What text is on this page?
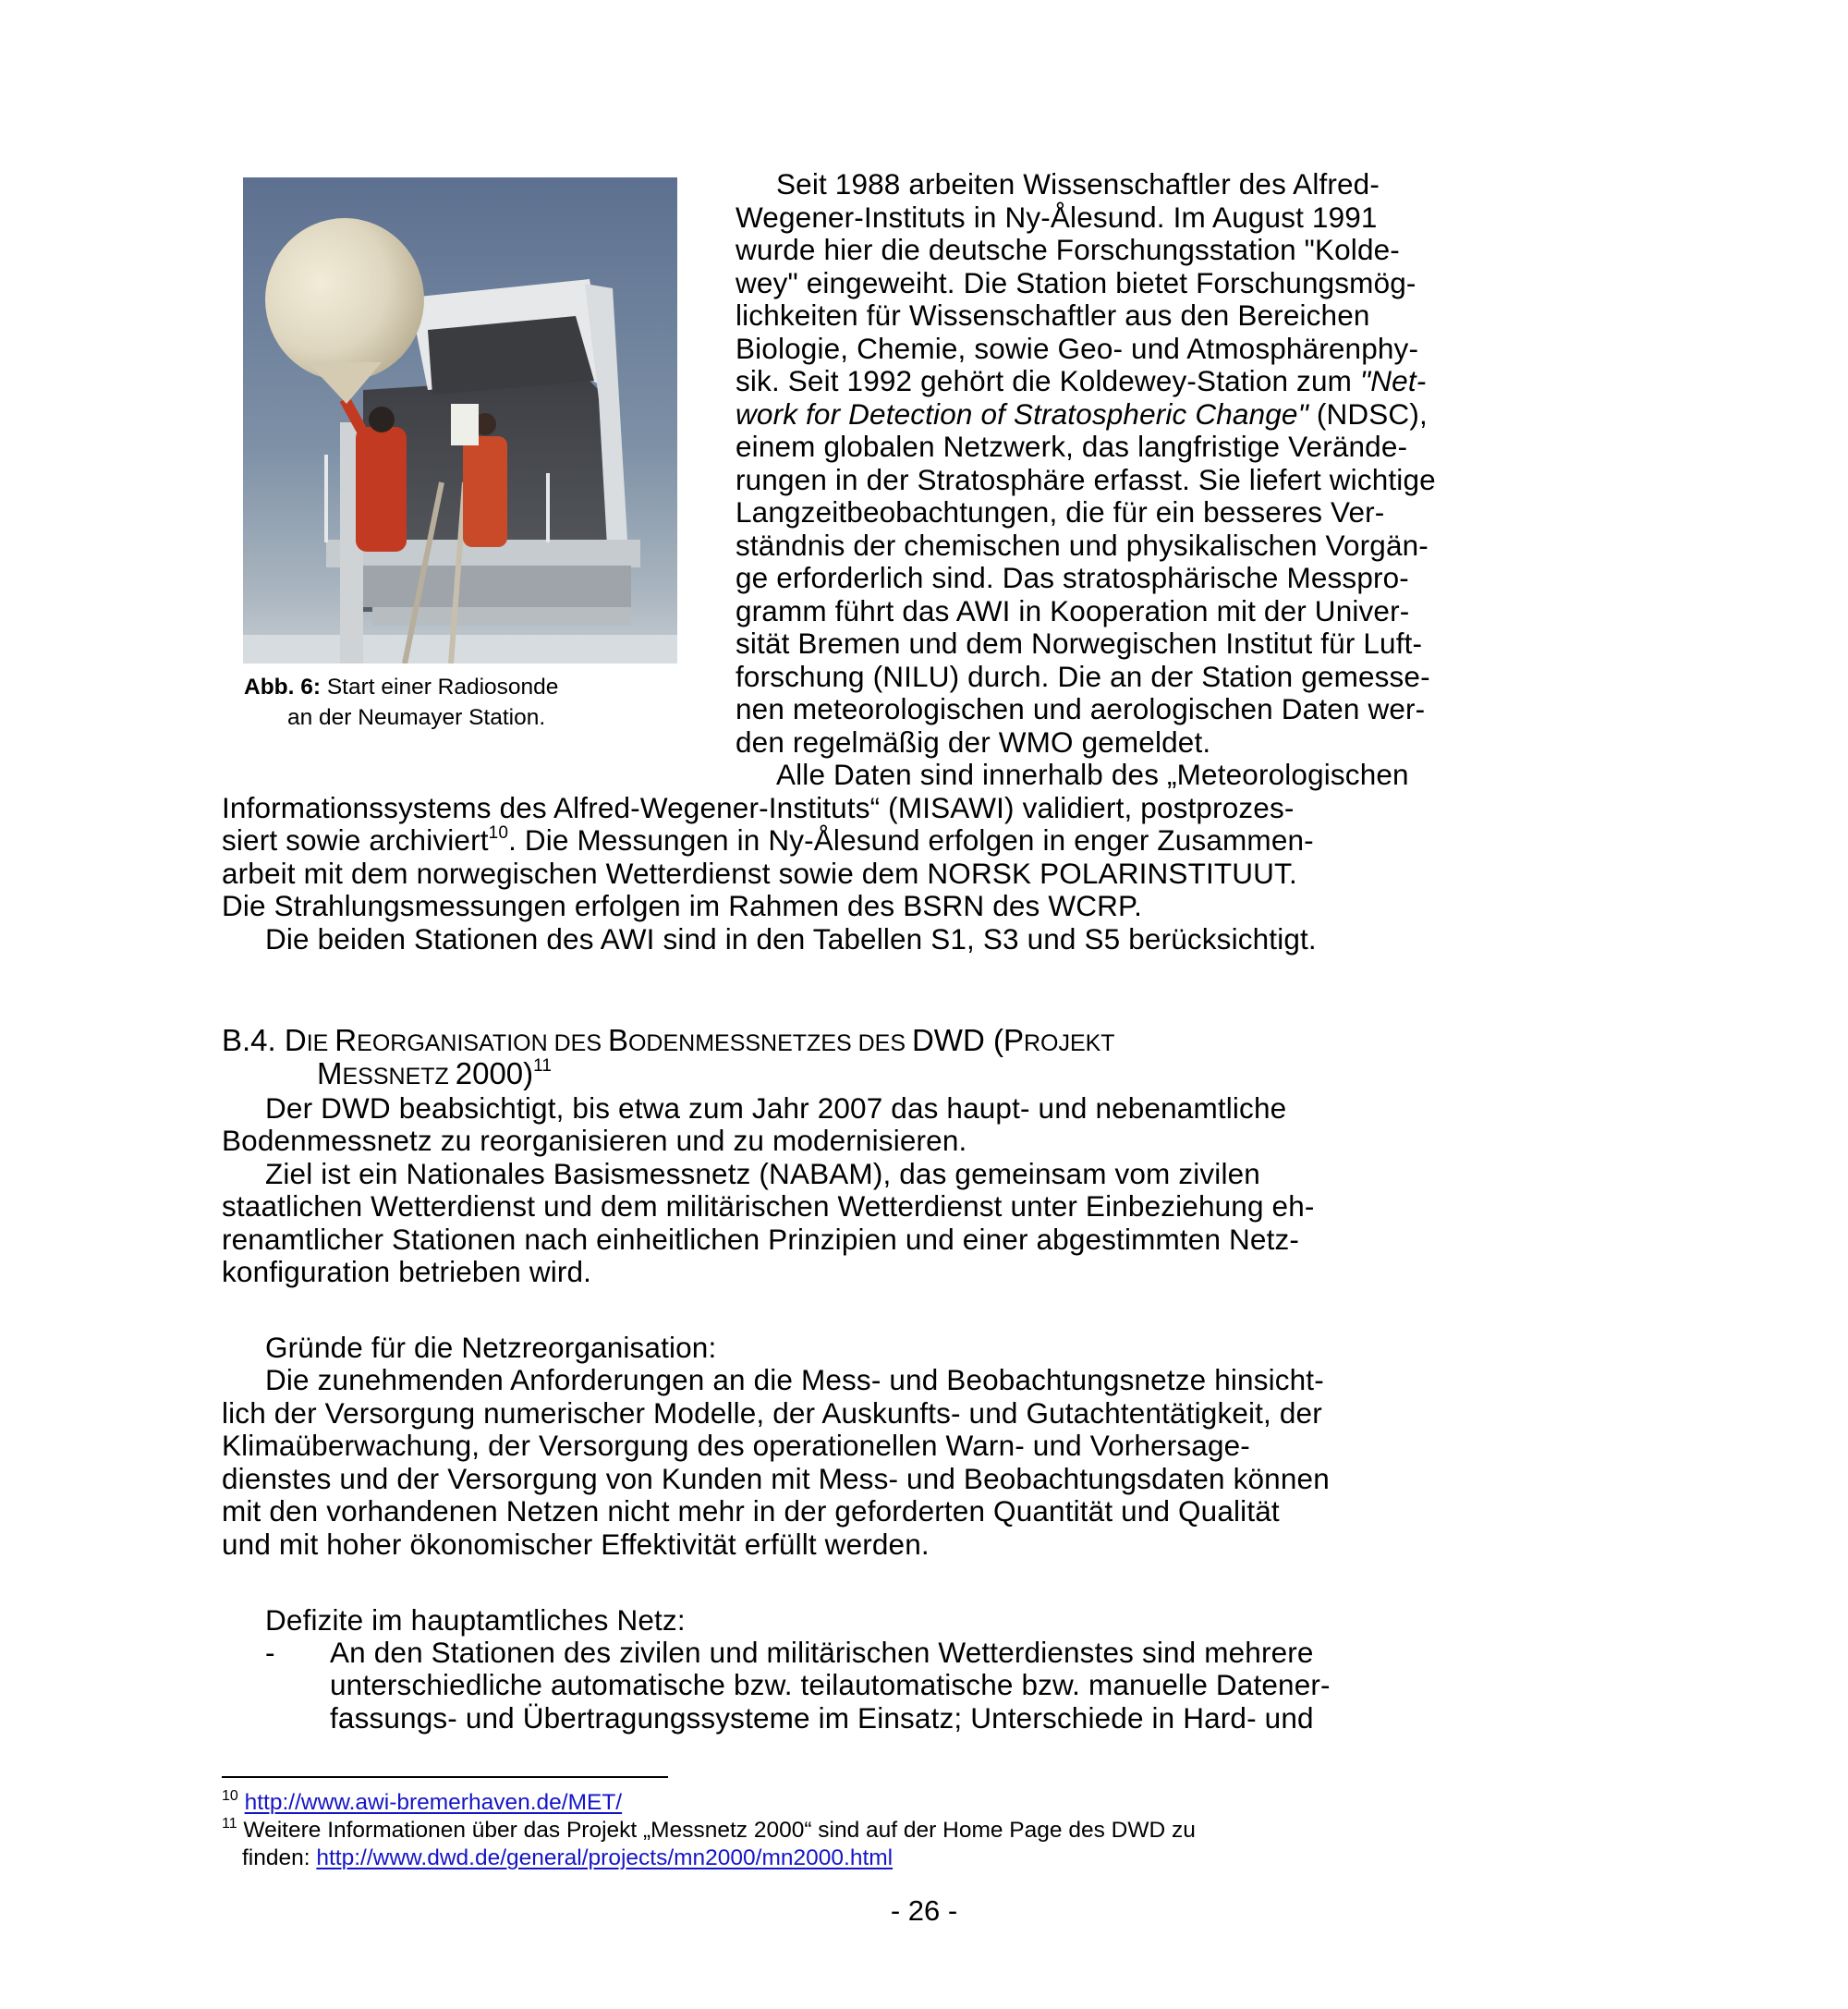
Abb. 6: Start einer Radiosonde
an der Neumayer Station.
Seit 1988 arbeiten Wissenschaftler des Alfred-
Wegener-Instituts in Ny-Ålesund. Im August 1991
wurde hier die deutsche Forschungsstation "Kolde-
wey" eingeweiht. Die Station bietet Forschungsmög-
lichkeiten für Wissenschaftler aus den Bereichen
Biologie, Chemie, sowie Geo- und Atmosphärenphy-
sik. Seit 1992 gehört die Koldewey-Station zum "Net-
work for Detection of Stratospheric Change" (NDSC),
einem globalen Netzwerk, das langfristige Verände-
rungen in der Stratosphäre erfasst. Sie liefert wichtige
Langzeitbeobachtungen, die für ein besseres Ver-
ständnis der chemischen und physikalischen Vorgän-
ge erforderlich sind. Das stratosphärische Messpro-
gramm führt das AWI in Kooperation mit der Univer-
sität Bremen und dem Norwegischen Institut für Luft-
forschung (NILU) durch. Die an der Station gemesse-
nen meteorologischen und aerologischen Daten wer-
den regelmäßig der WMO gemeldet.
Alle Daten sind innerhalb des „Meteorologischen
Informationssystems des Alfred-Wegener-Instituts“ (MISAWI) validiert, postprozes-
siert sowie archiviert$^{10}$. Die Messungen in Ny-Ålesund erfolgen in enger Zusammen-
arbeit mit dem norwegischen Wetterdienst sowie dem NORSK POLARINSTITUUT.
Die Strahlungsmessungen erfolgen im Rahmen des BSRN des WCRP.
Die beiden Stationen des AWI sind in den Tabellen S1, S3 und S5 berücksichtigt.
B.4. DIE REORGANISATION DES BODENMESSNETZES DES DWD (PROJEKT
MESSNETZ 2000)$^{11}$
Der DWD beabsichtigt, bis etwa zum Jahr 2007 das haupt- und nebenamtliche
Bodenmessnetz zu reorganisieren und zu modernisieren.
Ziel ist ein Nationales Basismessnetz (NABAM), das gemeinsam vom zivilen
staatlichen Wetterdienst und dem militärischen Wetterdienst unter Einbeziehung eh-
renamtlicher Stationen nach einheitlichen Prinzipien und einer abgestimmten Netz-
konfiguration betrieben wird.
Gründe für die Netzreorganisation:
Die zunehmenden Anforderungen an die Mess- und Beobachtungsnetze hinsicht-
lich der Versorgung numerischer Modelle, der Auskunfts- und Gutachtentätigkeit, der
Klimaüberwachung, der Versorgung des operationellen Warn- und Vorhersage-
dienstes und der Versorgung von Kunden mit Mess- und Beobachtungsdaten können
mit den vorhandenen Netzen nicht mehr in der geforderten Quantität und Qualität
und mit hoher ökonomischer Effektivität erfüllt werden.
Defizite im hauptamtliches Netz:
- An den Stationen des zivilen und militärischen Wetterdienstes sind mehrere
unterschiedliche automatische bzw. teilautomatische bzw. manuelle Datener-
fassungs- und Übertragungssysteme im Einsatz; Unterschiede in Hard- und
$^{10}$ http://www.awi-bremerhaven.de/MET/
$^{11}$ Weitere Informationen über das Projekt „Messnetz 2000“ sind auf der Home Page des DWD zu
finden: http://www.dwd.de/general/projects/mn2000/mn2000.html
- 26 -
